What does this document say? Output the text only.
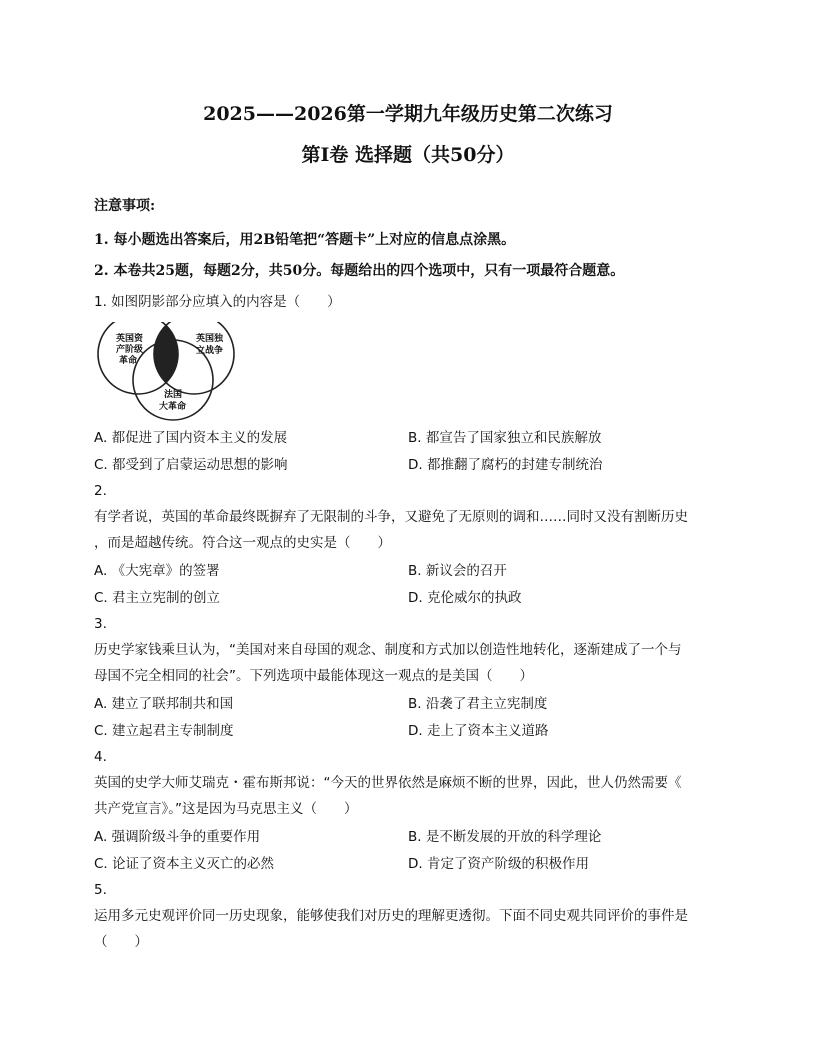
2025——2026第一学期九年级历史第二次练习
第Ⅰ卷 选择题（共50分）
注意事项:
1. 每小题选出答案后，用2B铅笔把“答题卡”上对应的信息点涂黑。
2. 本卷共25题，每题2分，共50分。每题给出的四个选项中，只有一项最符合题意。
1. 如图阴影部分应填入的内容是（　　）
英国资
产阶级
革命
英国独
立战争
法国
大革命
A. 都促进了国内资本主义的发展	B. 都宣告了国家独立和民族解放
C. 都受到了启蒙运动思想的影响	D. 都推翻了腐朽的封建专制统治
2.
有学者说，英国的革命最终既摒弃了无限制的斗争，又避免了无原则的调和……同时又没有割断历史
，而是超越传统。符合这一观点的史实是（　　）
A. 《大宪章》的签署	B. 新议会的召开
C. 君主立宪制的创立	D. 克伦威尔的执政
3.
历史学家钱乘旦认为，“美国对来自母国的观念、制度和方式加以创造性地转化，逐渐建成了一个与
母国不完全相同的社会”。下列选项中最能体现这一观点的是美国（　　）
A. 建立了联邦制共和国	B. 沿袭了君主立宪制度
C. 建立起君主专制制度	D. 走上了资本主义道路
4.
英国的史学大师艾瑞克・霍布斯邦说：“今天的世界依然是麻烦不断的世界，因此，世人仍然需要《
共产党宣言》。”这是因为马克思主义（　　）
A. 强调阶级斗争的重要作用	B. 是不断发展的开放的科学理论
C. 论证了资本主义灭亡的必然	D. 肯定了资产阶级的积极作用
5.
运用多元史观评价同一历史现象，能够使我们对历史的理解更透彻。下面不同史观共同评价的事件是
（　　）
